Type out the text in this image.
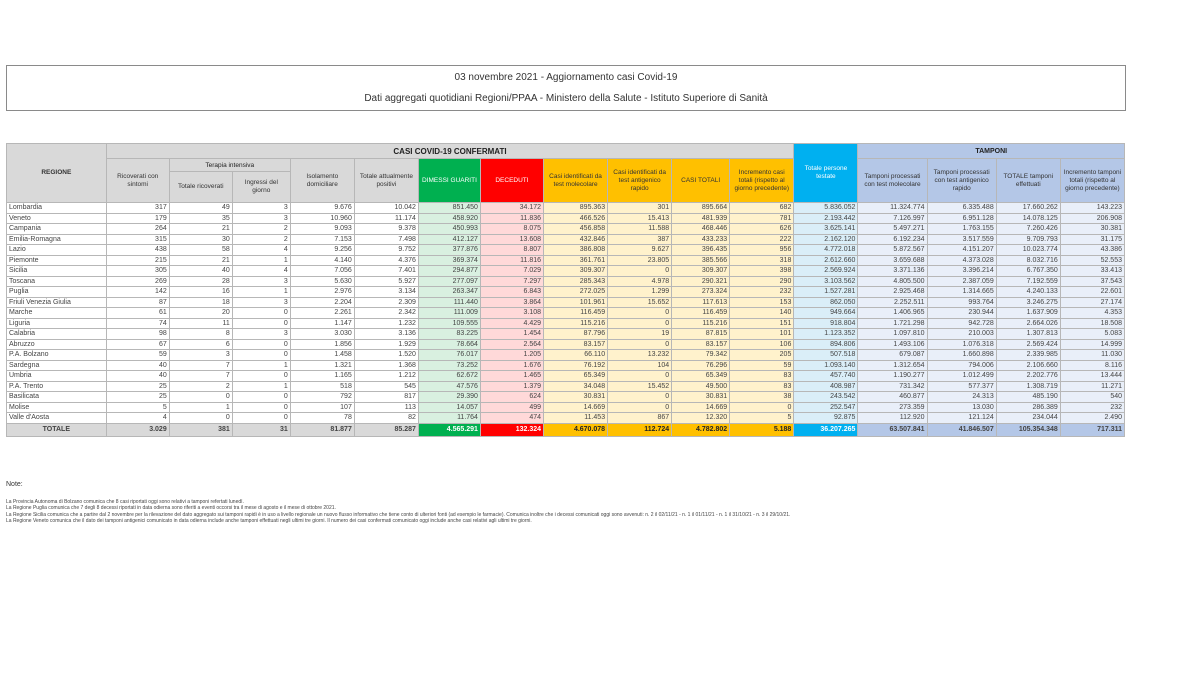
03 novembre 2021 - Aggiornamento casi Covid-19
Dati aggregati quotidiani Regioni/PPAA - Ministero della Salute - Istituto Superiore di Sanità
REGIONE	CASI COVID-19 CONFERMATI											Totale persone testate	TAMPONI			
	Ricoverati con sintomi	Terapia intensiva		Isolamento domiciliare	Totale attualmente positivi	DIMESSI GUARITI	DECEDUTI	Casi identificati da test molecolare	Casi identificati da test antigenico rapido	CASI TOTALI	Incremento casi totali (rispetto al giorno precedente)		Tamponi processati con test molecolare	Tamponi processati con test antigenico rapido	TOTALE tamponi effettuati	Incremento tamponi totali (rispetto al giorno precedente)
		Totale ricoverati	Ingressi del giorno													
Lombardia	317	49	3	9.676	10.042	851.450	34.172	895.363	301	895.664	682	5.836.052	11.324.774	6.335.488	17.660.262	143.223
Veneto	179	35	3	10.960	11.174	458.920	11.836	466.526	15.413	481.939	781	2.193.442	7.126.997	6.951.128	14.078.125	206.908
Campania	264	21	2	9.093	9.378	450.993	8.075	456.858	11.588	468.446	626	3.625.141	5.497.271	1.763.155	7.260.426	30.381
Emilia-Romagna	315	30	2	7.153	7.498	412.127	13.608	432.846	387	433.233	222	2.162.120	6.192.234	3.517.559	9.709.793	31.175
Lazio	438	58	4	9.256	9.752	377.876	8.807	386.808	9.627	396.435	956	4.772.018	5.872.567	4.151.207	10.023.774	43.386
Piemonte	215	21	1	4.140	4.376	369.374	11.816	361.761	23.805	385.566	318	2.612.660	3.659.688	4.373.028	8.032.716	52.553
Sicilia	305	40	4	7.056	7.401	294.877	7.029	309.307	0	309.307	398	2.569.924	3.371.136	3.396.214	6.767.350	33.413
Toscana	269	28	3	5.630	5.927	277.097	7.297	285.343	4.978	290.321	290	3.103.562	4.805.500	2.387.059	7.192.559	37.543
Puglia	142	16	1	2.976	3.134	263.347	6.843	272.025	1.299	273.324	232	1.527.281	2.925.468	1.314.665	4.240.133	22.601
Friuli Venezia Giulia	87	18	3	2.204	2.309	111.440	3.864	101.961	15.652	117.613	153	862.050	2.252.511	993.764	3.246.275	27.174
Marche	61	20	0	2.261	2.342	111.009	3.108	116.459	0	116.459	140	949.664	1.406.965	230.944	1.637.909	4.353
Liguria	74	11	0	1.147	1.232	109.555	4.429	115.216	0	115.216	151	918.804	1.721.298	942.728	2.664.026	18.508
Calabria	98	8	3	3.030	3.136	83.225	1.454	87.796	19	87.815	101	1.123.352	1.097.810	210.003	1.307.813	5.083
Abruzzo	67	6	0	1.856	1.929	78.664	2.564	83.157	0	83.157	106	894.806	1.493.106	1.076.318	2.569.424	14.999
P.A. Bolzano	59	3	0	1.458	1.520	76.017	1.205	66.110	13.232	79.342	205	507.518	679.087	1.660.898	2.339.985	11.030
Sardegna	40	7	1	1.321	1.368	73.252	1.676	76.192	104	76.296	59	1.093.140	1.312.654	794.006	2.106.660	8.116
Umbria	40	7	0	1.165	1.212	62.672	1.465	65.349	0	65.349	83	457.740	1.190.277	1.012.499	2.202.776	13.444
P.A. Trento	25	2	1	518	545	47.576	1.379	34.048	15.452	49.500	83	408.987	731.342	577.377	1.308.719	11.271
Basilicata	25	0	0	792	817	29.390	624	30.831	0	30.831	38	243.542	460.877	24.313	485.190	540
Molise	5	1	0	107	113	14.057	499	14.669	0	14.669	0	252.547	273.359	13.030	286.389	232
Valle d'Aosta	4	0	0	78	82	11.764	474	11.453	867	12.320	5	92.875	112.920	121.124	234.044	2.490
TOTALE	3.029	381	31	81.877	85.287	4.565.291	132.324	4.670.078	112.724	4.782.802	5.188	36.207.265	63.507.841	41.846.507	105.354.348	717.311
Note:
La Provincia Autonoma di Bolzano comunica che 8 casi riportati oggi sono relativi a tamponi refertati lunedì.
La Regione Puglia comunica che 7 degli 8 decessi riportati in data odierna sono riferiti a eventi occorsi tra il mese di agosto e il mese di ottobre 2021.
La Regione Sicilia comunica che a partire dal 2 novembre per la rilevazione del dato aggregato sui tamponi rapidi è in uso a livello regionale un nuovo flusso informativo che tiene conto di ulteriori fonti (ad esempio le farmacie). Comunica inoltre che i decessi comunicati oggi sono avvenuti: n. 2 il 02/11/21 - n. 1 il 01/11/21 - n. 1 il 31/10/21 - n. 3 il 29/10/21.
La Regione Veneto comunica che il dato dei tamponi antigenici comunicato in data odierna include anche tamponi effettuati negli ultimi tre giorni. Il numero dei casi confermati comunicato oggi include anche casi relativi agli ultimi tre giorni.
